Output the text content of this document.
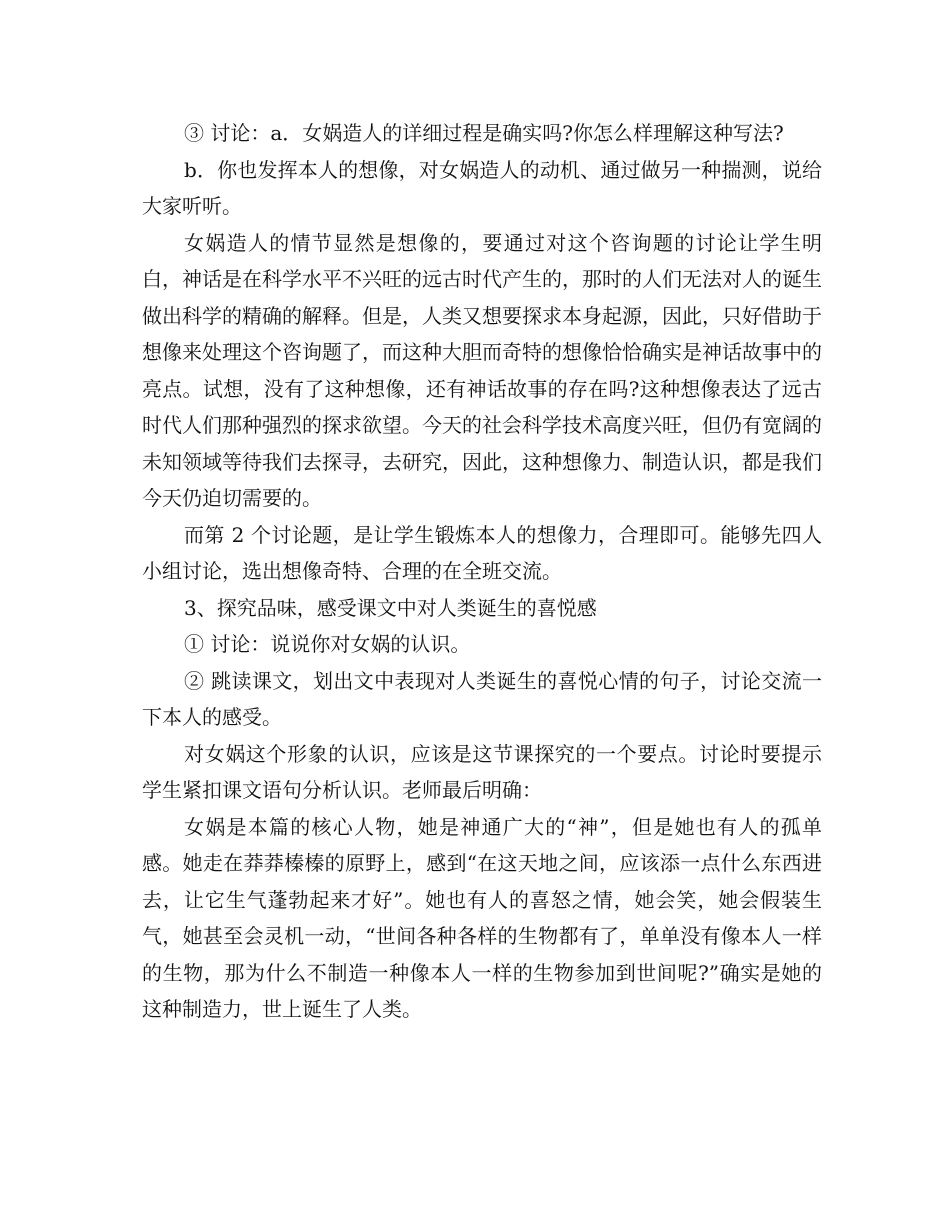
③ 讨论：a．女娲造人的详细过程是确实吗?你怎么样理解这种写法?

b．你也发挥本人的想像，对女娲造人的动机、通过做另一种揣测，说给大家听听。

女娲造人的情节显然是想像的，要通过对这个咨询题的讨论让学生明白，神话是在科学水平不兴旺的远古时代产生的，那时的人们无法对人的诞生做出科学的精确的解释。但是，人类又想要探求本身起源，因此，只好借助于想像来处理这个咨询题了，而这种大胆而奇特的想像恰恰确实是神话故事中的亮点。试想，没有了这种想像，还有神话故事的存在吗?这种想像表达了远古时代人们那种强烈的探求欲望。今天的社会科学技术高度兴旺，但仍有宽阔的未知领域等待我们去探寻，去研究，因此，这种想像力、制造认识，都是我们今天仍迫切需要的。

而第 2 个讨论题，是让学生锻炼本人的想像力，合理即可。能够先四人小组讨论，选出想像奇特、合理的在全班交流。

3、探究品味，感受课文中对人类诞生的喜悦感

① 讨论：说说你对女娲的认识。

② 跳读课文，划出文中表现对人类诞生的喜悦心情的句子，讨论交流一下本人的感受。

对女娲这个形象的认识，应该是这节课探究的一个要点。讨论时要提示学生紧扣课文语句分析认识。老师最后明确：

女娲是本篇的核心人物，她是神通广大的“神”，但是她也有人的孤单感。她走在莽莽榛榛的原野上，感到“在这天地之间，应该添一点什么东西进去，让它生气蓬勃起来才好”。她也有人的喜怒之情，她会笑，她会假装生气，她甚至会灵机一动，“世间各种各样的生物都有了，单单没有像本人一样的生物，那为什么不制造一种像本人一样的生物参加到世间呢?”确实是她的这种制造力，世上诞生了人类。
